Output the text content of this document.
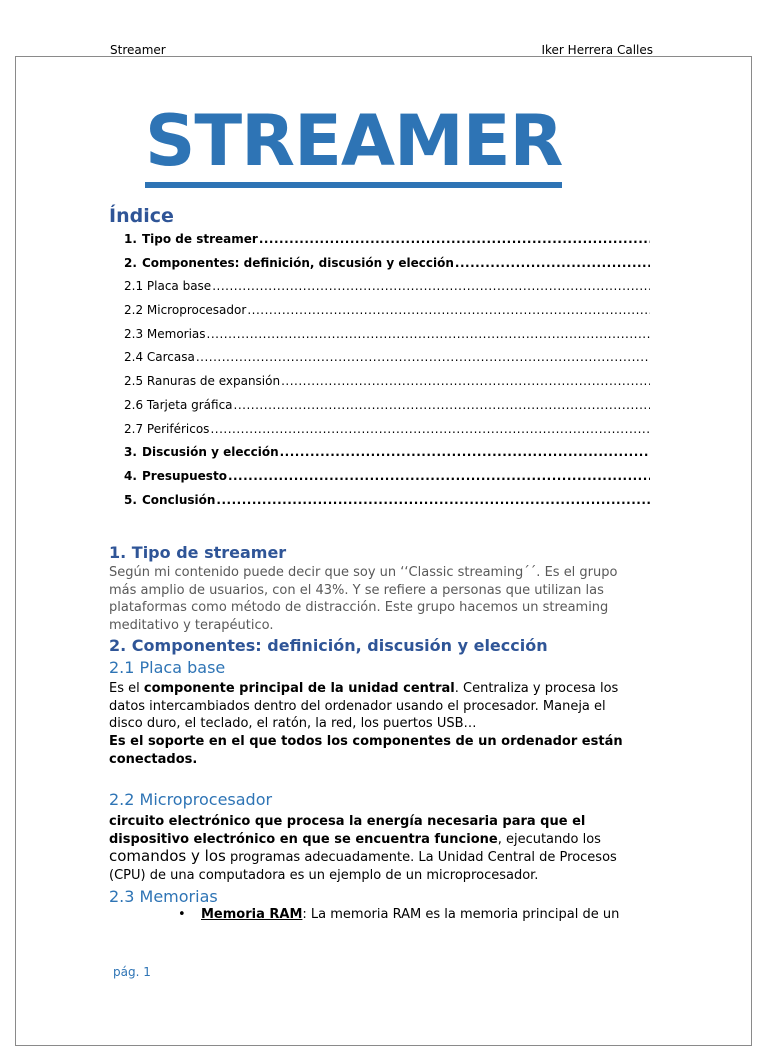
Streamer	Iker Herrera Calles
STREAMER
Índice
1. Tipo de streamer
.....
2. Componentes: definición, discusión y elección
.....
2.1 Placa base
.....
2.2 Microprocesador
.....
2.3 Memorias
.....
2.4 Carcasa
.....
2.5 Ranuras de expansión
.....
2.6 Tarjeta gráfica
.....
2.7 Periféricos
.....
3. Discusión y elección
.....
4. Presupuesto
.....
5. Conclusión
.....
1. Tipo de streamer

Según mi contenido puede decir que soy un ‘‘Classic streaming´´. Es el grupo más amplio de usuarios, con el 43%. Y se refiere a personas que utilizan las plataformas como método de distracción. Este grupo hacemos un streaming meditativo y terapéutico.

2. Componentes: definición, discusión y elección
2.1 Placa base

Es el componente principal de la unidad central. Centraliza y procesa los datos intercambiados dentro del ordenador usando el procesador. Maneja el disco duro, el teclado, el ratón, la red, los puertos USB…

Es el soporte en el que todos los componentes de un ordenador están conectados.

2.2 Microprocesador

circuito electrónico que procesa la energía necesaria para que el dispositivo electrónico en que se encuentra funcione, ejecutando los comandos y los programas adecuadamente. La Unidad Central de Procesos (CPU) de una computadora es un ejemplo de un microprocesador.

2.3 Memorias
• Memoria RAM: La memoria RAM es la memoria principal de un
pág. 1
